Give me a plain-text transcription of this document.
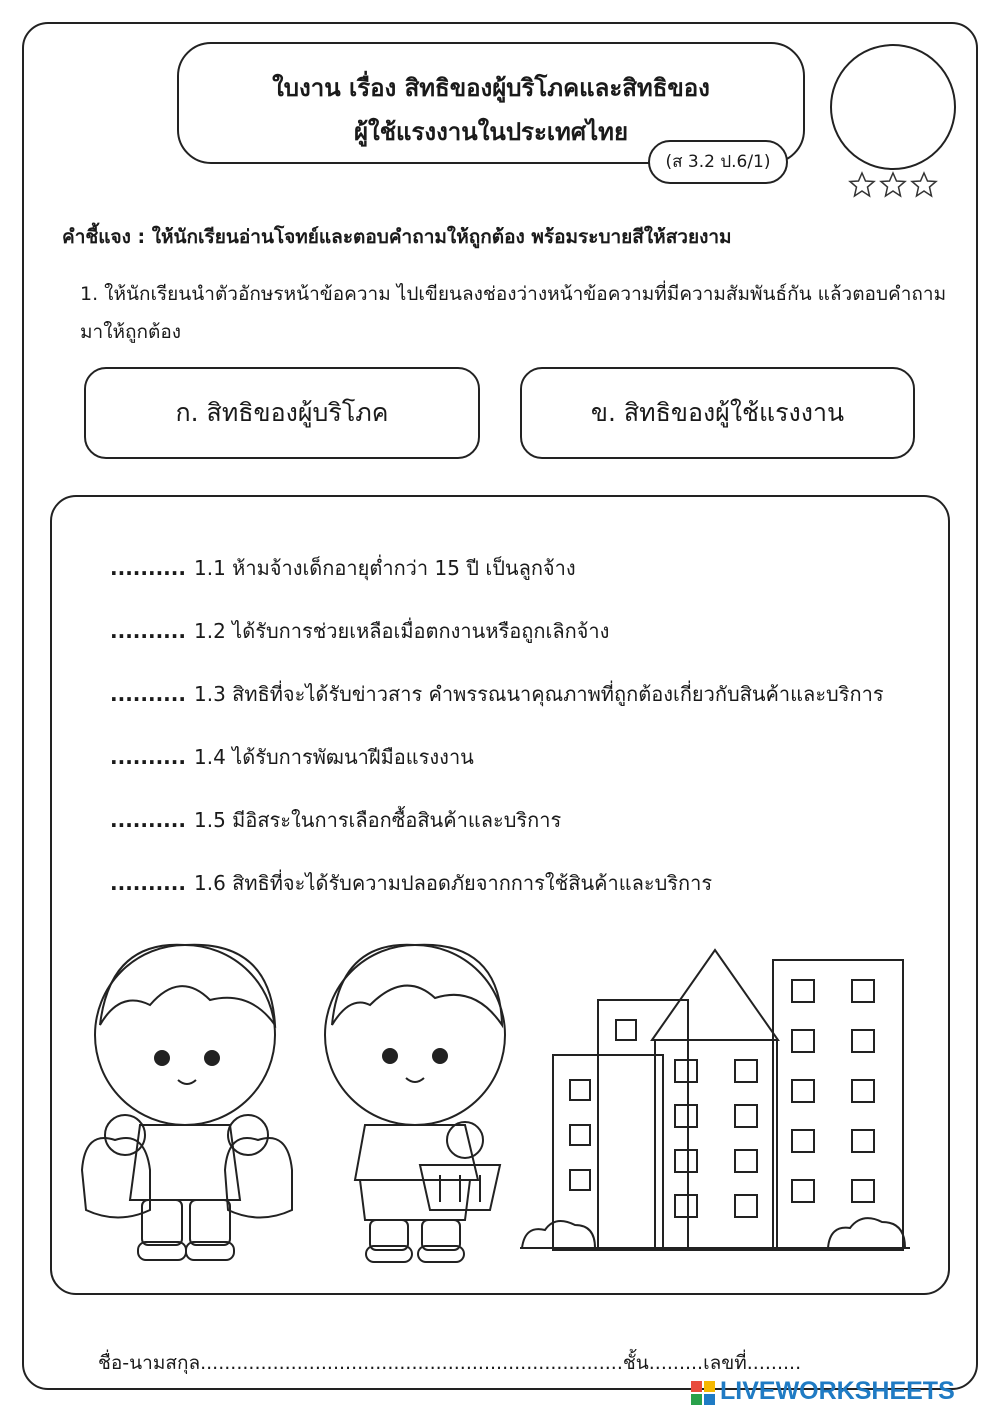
ใบงาน เรื่อง สิทธิของผู้บริโภคและสิทธิของ
ผู้ใช้แรงงานในประเทศไทย
(ส 3.2 ป.6/1)
คำชี้แจง : ให้นักเรียนอ่านโจทย์และตอบคำถามให้ถูกต้อง พร้อมระบายสีให้สวยงาม
1. ให้นักเรียนนำตัวอักษรหน้าข้อความ ไปเขียนลงช่องว่างหน้าข้อความที่มีความสัมพันธ์กัน แล้วตอบคำถามมาให้ถูกต้อง
ก. สิทธิของผู้บริโภค	ข. สิทธิของผู้ใช้แรงงาน
.......... 1.1 ห้ามจ้างเด็กอายุต่ำกว่า 15 ปี เป็นลูกจ้าง
.......... 1.2 ได้รับการช่วยเหลือเมื่อตกงานหรือถูกเลิกจ้าง
.......... 1.3 สิทธิที่จะได้รับข่าวสาร คำพรรณนาคุณภาพที่ถูกต้องเกี่ยวกับสินค้าและบริการ
.......... 1.4 ได้รับการพัฒนาฝีมือแรงงาน
.......... 1.5 มีอิสระในการเลือกซื้อสินค้าและบริการ
.......... 1.6 สิทธิที่จะได้รับความปลอดภัยจากการใช้สินค้าและบริการ
ชื่อ-นามสกุล......................................................................ชั้น.........เลขที่.........
LIVEWORKSHEETS
